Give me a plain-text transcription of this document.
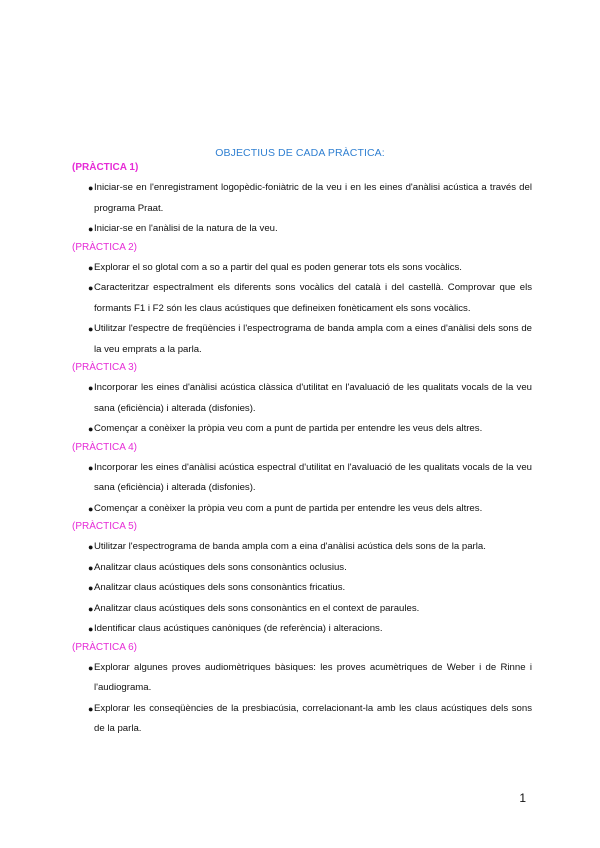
OBJECTIUS DE CADA PRÀCTICA:
(PRÀCTICA 1)
● Iniciar-se en l'enregistrament logopèdic-foniàtric de la veu i en les eines d'anàlisi acústica a través del programa Praat.
● Iniciar-se en l'anàlisi de la natura de la veu.
(PRÀCTICA 2)
● Explorar el so glotal com a so a partir del qual es poden generar tots els sons vocàlics.
● Caracteritzar espectralment els diferents sons vocàlics del català i del castellà. Comprovar que els formants F1 i F2 són les claus acústiques que defineixen fonèticament els sons vocàlics.
● Utilitzar l'espectre de freqüències i l'espectrograma de banda ampla com a eines d'anàlisi dels sons de la veu emprats a la parla.
(PRÀCTICA 3)
● Incorporar les eines d'anàlisi acústica clàssica d'utilitat en l'avaluació de les qualitats vocals de la veu sana (eficiència) i alterada (disfonies).
● Començar a conèixer la pròpia veu com a punt de partida per entendre les veus dels altres.
(PRÀCTICA 4)
● Incorporar les eines d'anàlisi acústica espectral d'utilitat en l'avaluació de les qualitats vocals de la veu sana (eficiència) i alterada (disfonies).
● Començar a conèixer la pròpia veu com a punt de partida per entendre les veus dels altres.
(PRÀCTICA 5)
● Utilitzar l'espectrograma de banda ampla com a eina d'anàlisi acústica dels sons de la parla.
● Analitzar claus acústiques dels sons consonàntics oclusius.
● Analitzar claus acústiques dels sons consonàntics fricatius.
● Analitzar claus acústiques dels sons consonàntics en el context de paraules.
● Identificar claus acústiques canòniques (de referència) i alteracions.
(PRÀCTICA 6)
● Explorar algunes proves audiomètriques bàsiques: les proves acumètriques de Weber i de Rinne i l'audiograma.
● Explorar les conseqüències de la presbiacúsia, correlacionant-la amb les claus acústiques dels sons de la parla.
1
